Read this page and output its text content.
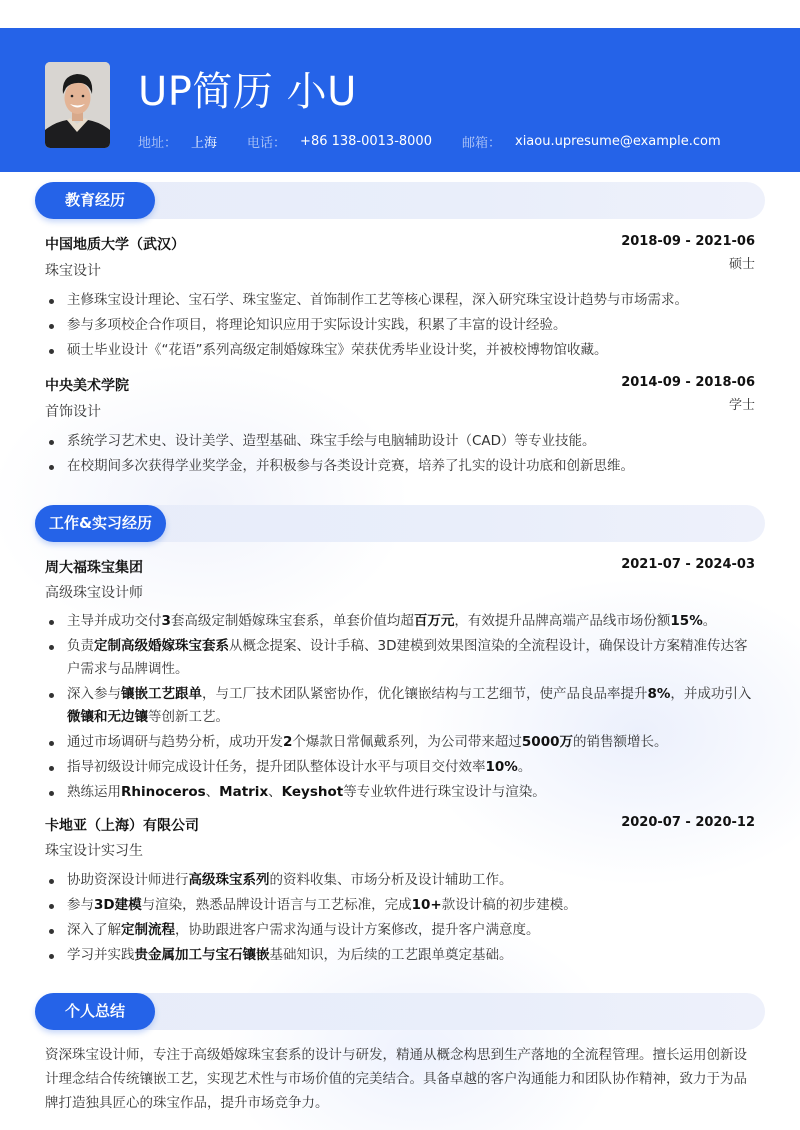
UP简历 小U
地址： 上海 电话： +86 138-0013-8000 邮箱： xiaou.upresume@example.com
教育经历
中国地质大学（武汉）	2018-09 - 2021-06
硕士
珠宝设计
主修珠宝设计理论、宝石学、珠宝鉴定、首饰制作工艺等核心课程，深入研究珠宝设计趋势与市场需求。
参与多项校企合作项目，将理论知识应用于实际设计实践，积累了丰富的设计经验。
硕士毕业设计《“花语”系列高级定制婚嫁珠宝》荣获优秀毕业设计奖，并被校博物馆收藏。
中央美术学院	2014-09 - 2018-06
学士
首饰设计
系统学习艺术史、设计美学、造型基础、珠宝手绘与电脑辅助设计（CAD）等专业技能。
在校期间多次获得学业奖学金，并积极参与各类设计竞赛，培养了扎实的设计功底和创新思维。
工作&实习经历
周大福珠宝集团	2021-07 - 2024-03
高级珠宝设计师
主导并成功交付3套高级定制婚嫁珠宝套系，单套价值均超百万元，有效提升品牌高端产品线市场份额15%。
负责定制高级婚嫁珠宝套系从概念提案、设计手稿、3D建模到效果图渲染的全流程设计，确保设计方案精准传达客户需求与品牌调性。
深入参与镶嵌工艺跟单，与工厂技术团队紧密协作，优化镶嵌结构与工艺细节，使产品良品率提升8%，并成功引入微镶和无边镶等创新工艺。
通过市场调研与趋势分析，成功开发2个爆款日常佩戴系列，为公司带来超过5000万的销售额增长。
指导初级设计师完成设计任务，提升团队整体设计水平与项目交付效率10%。
熟练运用Rhinoceros、Matrix、Keyshot等专业软件进行珠宝设计与渲染。
卡地亚（上海）有限公司	2020-07 - 2020-12
珠宝设计实习生
协助资深设计师进行高级珠宝系列的资料收集、市场分析及设计辅助工作。
参与3D建模与渲染，熟悉品牌设计语言与工艺标准，完成10+款设计稿的初步建模。
深入了解定制流程，协助跟进客户需求沟通与设计方案修改，提升客户满意度。
学习并实践贵金属加工与宝石镶嵌基础知识，为后续的工艺跟单奠定基础。
个人总结
资深珠宝设计师，专注于高级婚嫁珠宝套系的设计与研发，精通从概念构思到生产落地的全流程管理。擅长运用创新设计理念结合传统镶嵌工艺，实现艺术性与市场价值的完美结合。具备卓越的客户沟通能力和团队协作精神，致力于为品牌打造独具匠心的珠宝作品，提升市场竞争力。
